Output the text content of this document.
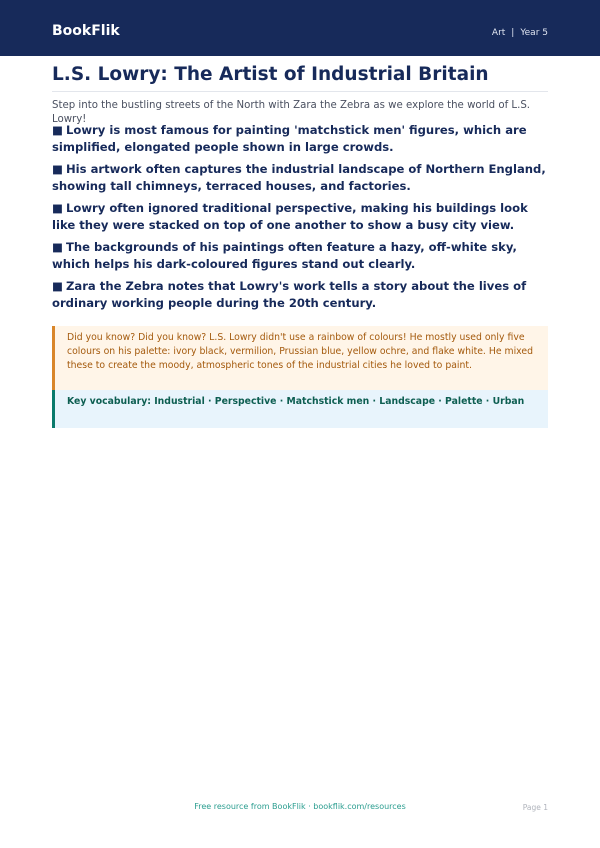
BookFlik	Art | Year 5
L.S. Lowry: The Artist of Industrial Britain

Step into the bustling streets of the North with Zara the Zebra as we explore the world of L.S. Lowry!

■ Lowry is most famous for painting 'matchstick men' figures, which are simplified, elongated people shown in large crowds.
■ His artwork often captures the industrial landscape of Northern England, showing tall chimneys, terraced houses, and factories.
■ Lowry often ignored traditional perspective, making his buildings look like they were stacked on top of one another to show a busy city view.
■ The backgrounds of his paintings often feature a hazy, off-white sky, which helps his dark-coloured figures stand out clearly.
■ Zara the Zebra notes that Lowry's work tells a story about the lives of ordinary working people during the 20th century.

Did you know? Did you know? L.S. Lowry didn't use a rainbow of colours! He mostly used only five colours on his palette: ivory black, vermilion, Prussian blue, yellow ochre, and flake white. He mixed these to create the moody, atmospheric tones of the industrial cities he loved to paint.

Key vocabulary: Industrial · Perspective · Matchstick men · Landscape · Palette · Urban

Free resource from BookFlik · bookflik.com/resources	Page 1
